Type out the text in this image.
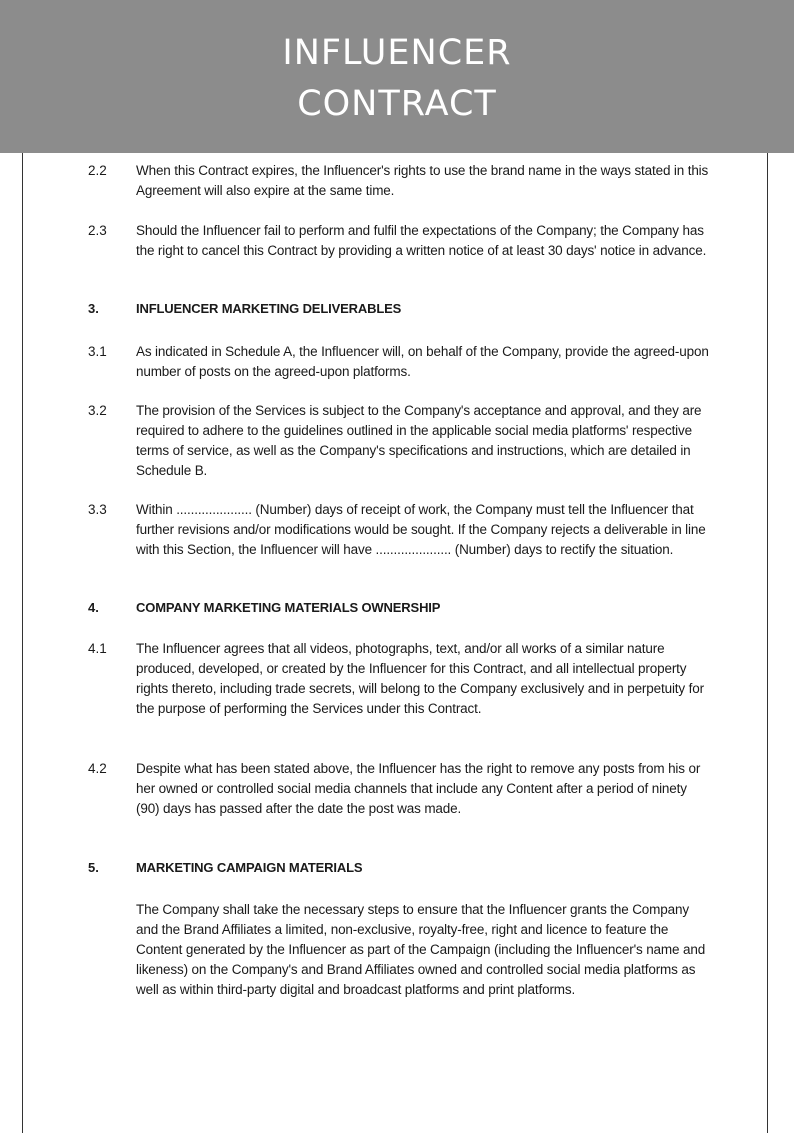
INFLUENCER
CONTRACT
2.2 When this Contract expires, the Influencer's rights to use the brand name in the ways stated in this Agreement will also expire at the same time.
2.3 Should the Influencer fail to perform and fulfil the expectations of the Company; the Company has the right to cancel this Contract by providing a written notice of at least 30 days' notice in advance.
3.	INFLUENCER MARKETING DELIVERABLES
3.1 As indicated in Schedule A, the Influencer will, on behalf of the Company, provide the agreed-upon number of posts on the agreed-upon platforms.
3.2 The provision of the Services is subject to the Company's acceptance and approval, and they are required to adhere to the guidelines outlined in the applicable social media platforms' respective terms of service, as well as the Company's specifications and instructions, which are detailed in Schedule B.
3.3 Within ..................... (Number) days of receipt of work, the Company must tell the Influencer that further revisions and/or modifications would be sought. If the Company rejects a deliverable in line with this Section, the Influencer will have ..................... (Number) days to rectify the situation.
4.	COMPANY MARKETING MATERIALS OWNERSHIP
4.1 The Influencer agrees that all videos, photographs, text, and/or all works of a similar nature produced, developed, or created by the Influencer for this Contract, and all intellectual property rights thereto, including trade secrets, will belong to the Company exclusively and in perpetuity for the purpose of performing the Services under this Contract.
4.2 Despite what has been stated above, the Influencer has the right to remove any posts from his or her owned or controlled social media channels that include any Content after a period of ninety (90) days has passed after the date the post was made.
5.	MARKETING CAMPAIGN MATERIALS
The Company shall take the necessary steps to ensure that the Influencer grants the Company and the Brand Affiliates a limited, non-exclusive, royalty-free, right and licence to feature the Content generated by the Influencer as part of the Campaign (including the Influencer's name and likeness) on the Company's and Brand Affiliates owned and controlled social media platforms as well as within third-party digital and broadcast platforms and print platforms.
